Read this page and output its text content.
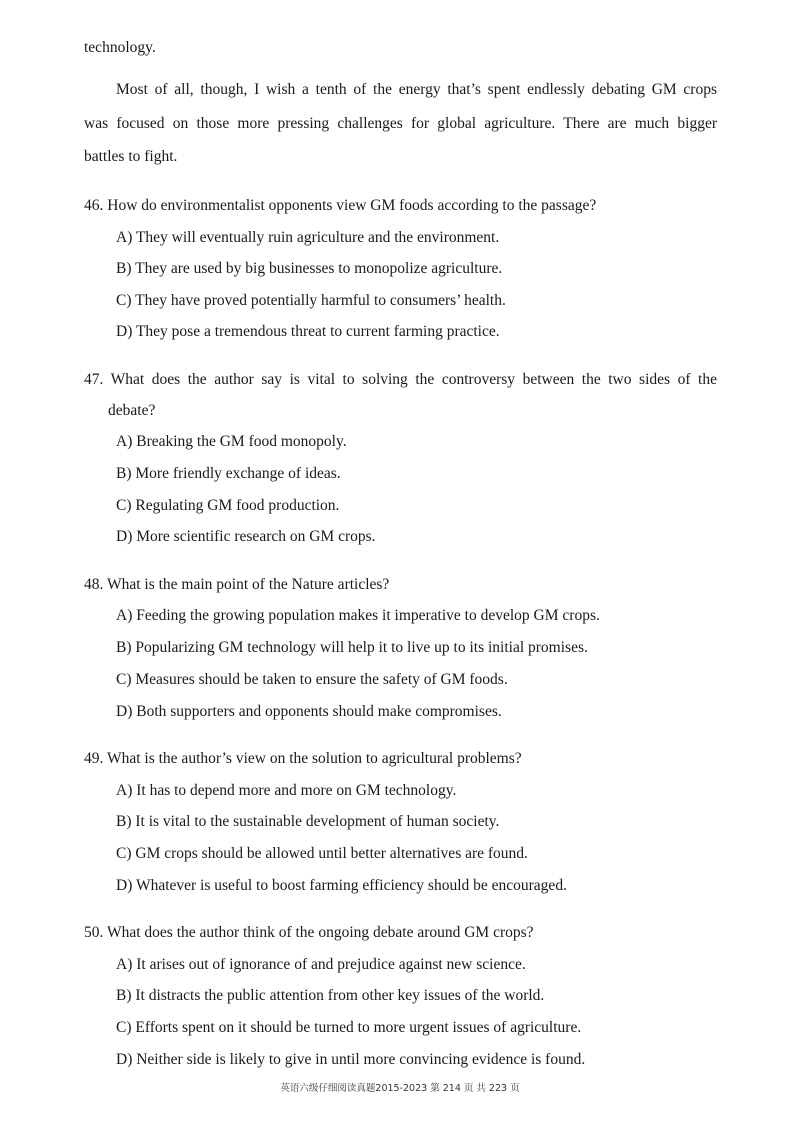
technology.

Most of all, though, I wish a tenth of the energy that’s spent endlessly debating GM crops

was focused on those more pressing challenges for global agriculture. There are much bigger

battles to fight.

46. How do environmentalist opponents view GM foods according to the passage?

A) They will eventually ruin agriculture and the environment.

B) They are used by big businesses to monopolize agriculture.

C) They have proved potentially harmful to consumers’ health.

D) They pose a tremendous threat to current farming practice.

47. What does the author say is vital to solving the controversy between the two sides of the

debate?

A) Breaking the GM food monopoly.

B) More friendly exchange of ideas.

C) Regulating GM food production.

D) More scientific research on GM crops.

48. What is the main point of the Nature articles?

A) Feeding the growing population makes it imperative to develop GM crops.

B) Popularizing GM technology will help it to live up to its initial promises.

C) Measures should be taken to ensure the safety of GM foods.

D) Both supporters and opponents should make compromises.

49. What is the author’s view on the solution to agricultural problems?

A) It has to depend more and more on GM technology.

B) It is vital to the sustainable development of human society.

C) GM crops should be allowed until better alternatives are found.

D) Whatever is useful to boost farming efficiency should be encouraged.

50. What does the author think of the ongoing debate around GM crops?

A) It arises out of ignorance of and prejudice against new science.

B) It distracts the public attention from other key issues of the world.

C) Efforts spent on it should be turned to more urgent issues of agriculture.

D) Neither side is likely to give in until more convincing evidence is found.

英语六级仔细阅读真题2015-2023 第 214 页 共 223 页
